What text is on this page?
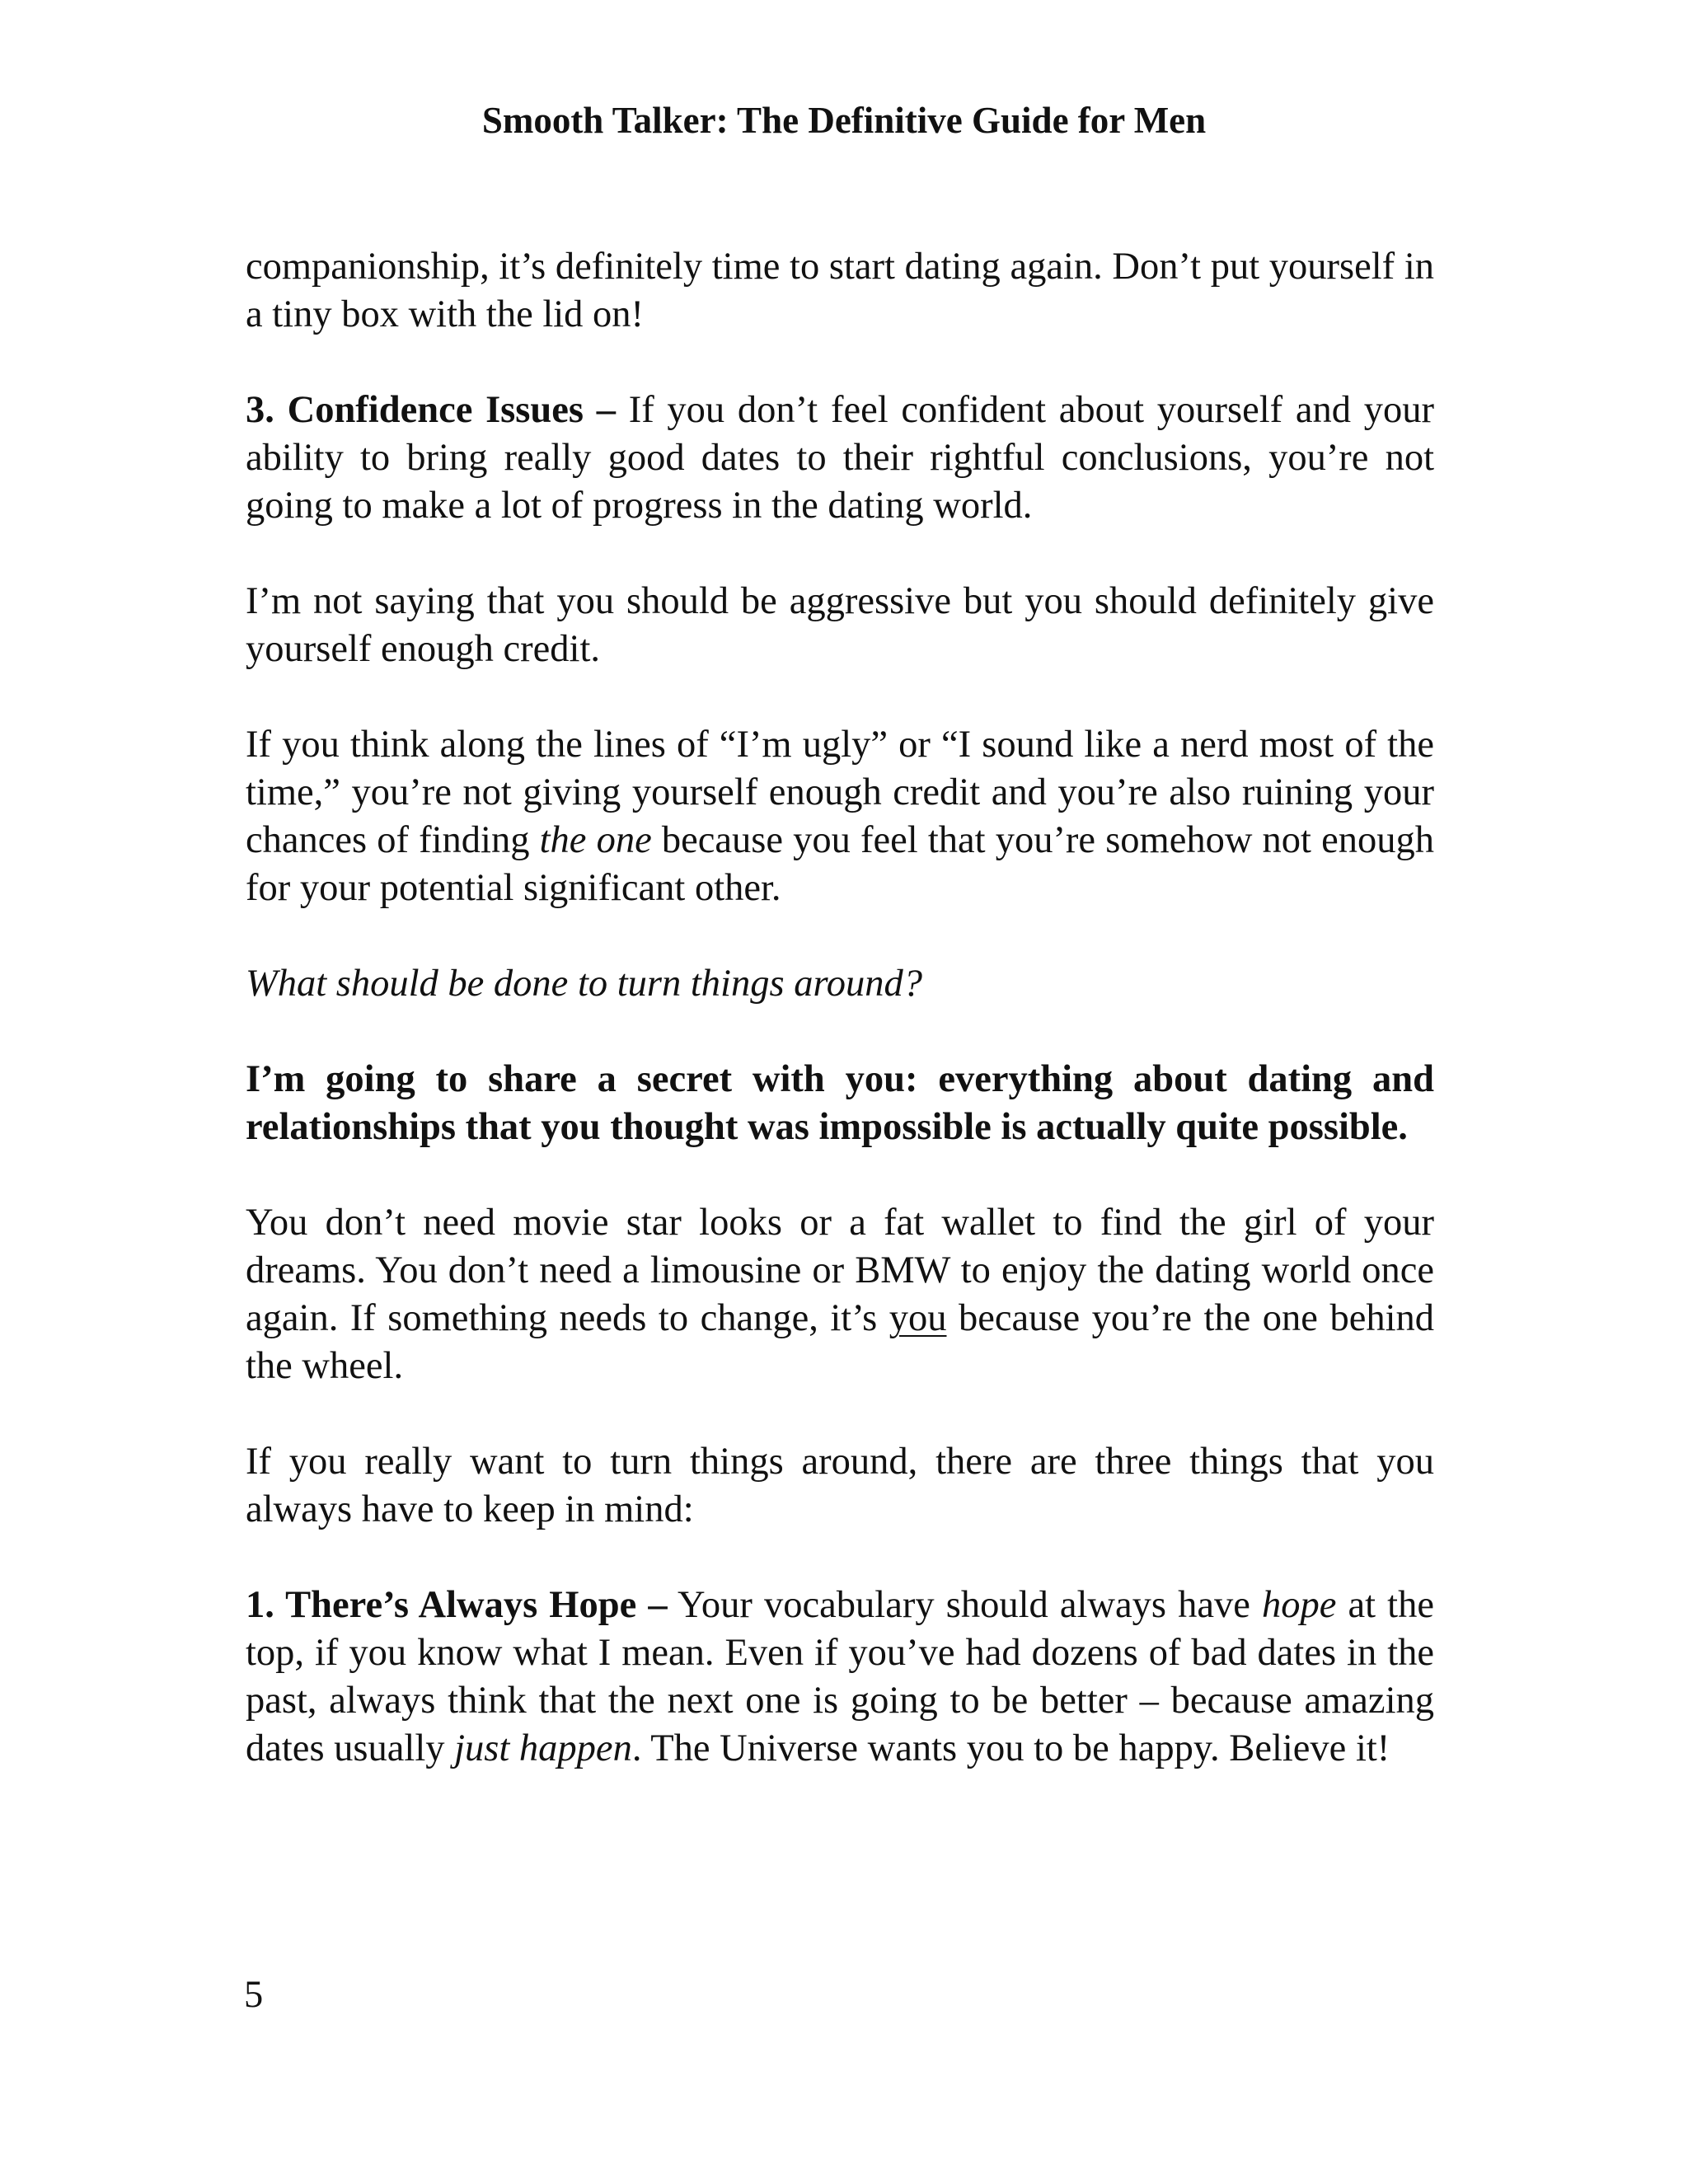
Smooth Talker: The Definitive Guide for Men

companionship, it’s definitely time to start dating again. Don’t put yourself in a tiny box with the lid on!

3. Confidence Issues – If you don’t feel confident about yourself and your ability to bring really good dates to their rightful conclusions, you’re not going to make a lot of progress in the dating world.

I’m not saying that you should be aggressive but you should definitely give yourself enough credit.

If you think along the lines of “I’m ugly” or “I sound like a nerd most of the time,” you’re not giving yourself enough credit and you’re also ruining your chances of finding the one because you feel that you’re somehow not enough for your potential significant other.

What should be done to turn things around?

I’m going to share a secret with you: everything about dating and relationships that you thought was impossible is actually quite possible.

You don’t need movie star looks or a fat wallet to find the girl of your dreams. You don’t need a limousine or BMW to enjoy the dating world once again. If something needs to change, it’s you because you’re the one behind the wheel.

If you really want to turn things around, there are three things that you always have to keep in mind:

1. There’s Always Hope – Your vocabulary should always have hope at the top, if you know what I mean. Even if you’ve had dozens of bad dates in the past, always think that the next one is going to be better – because amazing dates usually just happen. The Universe wants you to be happy. Believe it!

5
